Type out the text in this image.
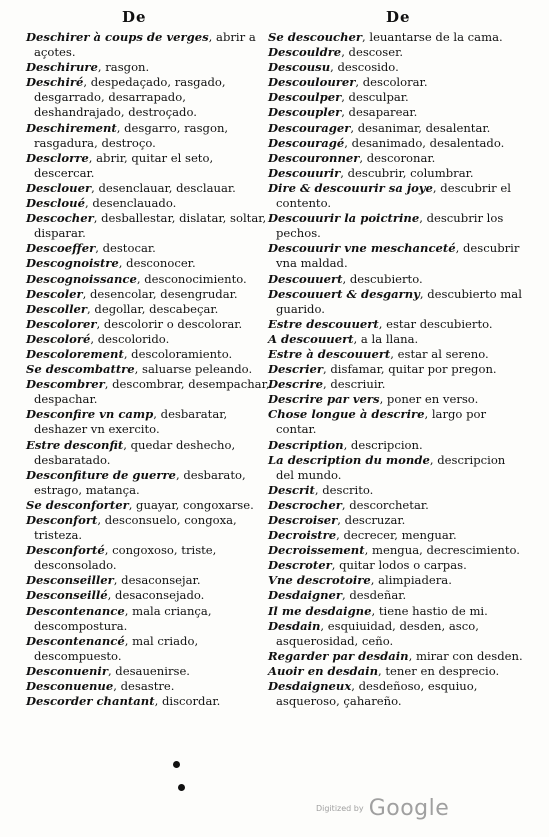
De	De
Deschirer à coups de verges, abrir a açotes.
Deschirure, rasgon.
Deschiré, despedaçado, rasgado, desgarrado, desarrapado, deshandrajado, destroçado.
Deschirement, desgarro, rasgon, rasgadura, destroço.
Desclorre, abrir, quitar el seto, descercar.
Desclouer, desenclauar, desclauar.
Descloué, desenclauado.
Descocher, desballestar, dislatar, soltar, disparar.
Descoeffer, destocar.
Descognoistre, desconocer.
Descognoissance, desconocimiento.
Descoler, desencolar, desengrudar.
Descoller, degollar, descabeçar.
Descolorer, descolorir o descolorar.
Descoloré, descolorido.
Descolorement, descoloramiento.
Se descombattre, saluarse peleando.
Descombrer, descombrar, desempachar, despachar.
Desconfire vn camp, desbaratar, deshazer vn exercito.
Estre desconfit, quedar deshecho, desbaratado.
Desconfiture de guerre, desbarato, estrago, matança.
Se desconforter, guayar, congoxarse.
Desconfort, desconsuelo, congoxa, tristeza.
Desconforté, congoxoso, triste, desconsolado.
Desconseiller, desaconsejar.
Desconseillé, desaconsejado.
Descontenance, mala criança, descompostura.
Descontenancé, mal criado, descompuesto.
Desconuenir, desauenirse.
Desconuenue, desastre.
Descorder chantant, discordar.
Se descoucher, leuantarse de la cama.
Descouldre, descoser.
Descousu, descosido.
Descoulourer, descolorar.
Descoulper, desculpar.
Descoupler, desaparear.
Descourager, desanimar, desalentar.
Descouragé, desanimado, desalentado.
Descouronner, descoronar.
Descouurir, descubrir, columbrar.
Dire & descouurir sa joye, descubrir el contento.
Descouurir la poictrine, descubrir los pechos.
Descouurir vne meschanceté, descubrir vna maldad.
Descouuert, descubierto.
Descouuert & desgarny, descubierto mal guarido.
Estre descouuert, estar descubierto.
A descouuert, a la llana.
Estre à descouuert, estar al sereno.
Descrier, disfamar, quitar por pregon.
Descrire, descriuir.
Descrire par vers, poner en verso.
Chose longue à descrire, largo por contar.
Description, descripcion.
La description du monde, descripcion del mundo.
Descrit, descrito.
Descrocher, descorchetar.
Descroiser, descruzar.
Decroistre, decrecer, menguar.
Decroissement, mengua, decrescimiento.
Descroter, quitar lodos o carpas.
Vne descrotoire, alimpiadera.
Desdaigner, desdeñar.
Il me desdaigne, tiene hastio de mi.
Desdain, esquiuidad, desden, asco, asquerosidad, ceño.
Regarder par desdain, mirar con desden.
Auoir en desdain, tener en desprecio.
Desdaigneux, desdeñoso, esquiuo, asqueroso, çahareño.
Digitized by Google
